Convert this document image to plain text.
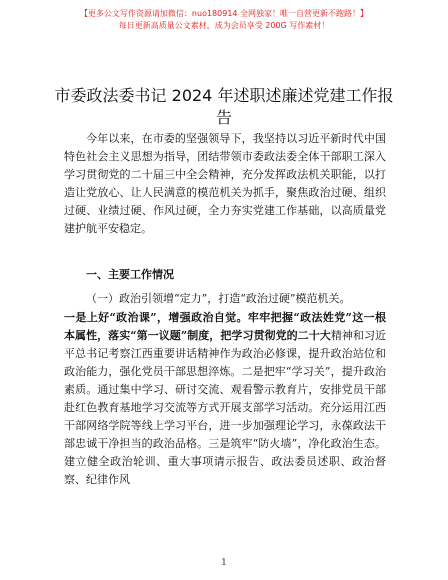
【更多公文写作资源请加微信：nuo180914 全网独家！唯一自营更新不跑路！】
每日更新高质量公文素材，成为会员享受 200G 写作素材！
市委政法委书记 2024 年述职述廉述党建工作报告
今年以来，在市委的坚强领导下，我坚持以习近平新时代中国特色社会主义思想为指导，团结带领市委政法委全体干部职工深入学习贯彻党的二十届三中全会精神，充分发挥政法机关职能，以打造让党放心、让人民满意的模范机关为抓手，聚焦政治过硬、组织过硬、业绩过硬、作风过硬，全力夯实党建工作基础，以高质量党建护航平安稳定。
一、主要工作情况
（一）政治引领增“定力”，打造“政治过硬”模范机关。
一是上好“政治课”，增强政治自觉。牢牢把握“政法姓党”这一根本属性，落实“第一议题”制度，把学习贯彻党的二十大精神和习近平总书记考察江西重要讲话精神作为政治必修课，提升政治站位和政治能力，强化党员干部思想淬炼。二是把牢“学习关”，提升政治素质。通过集中学习、研讨交流、观看警示教育片，安排党员干部赴红色教育基地学习交流等方式开展支部学习活动。充分运用江西干部网络学院等线上学习平台，进一步加强理论学习，永葆政法干部忠诚干净担当的政治品格。三是筑牢“防火墙”，净化政治生态。建立健全政治轮训、重大事项请示报告、政法委员述职、政治督察、纪律作风
1
